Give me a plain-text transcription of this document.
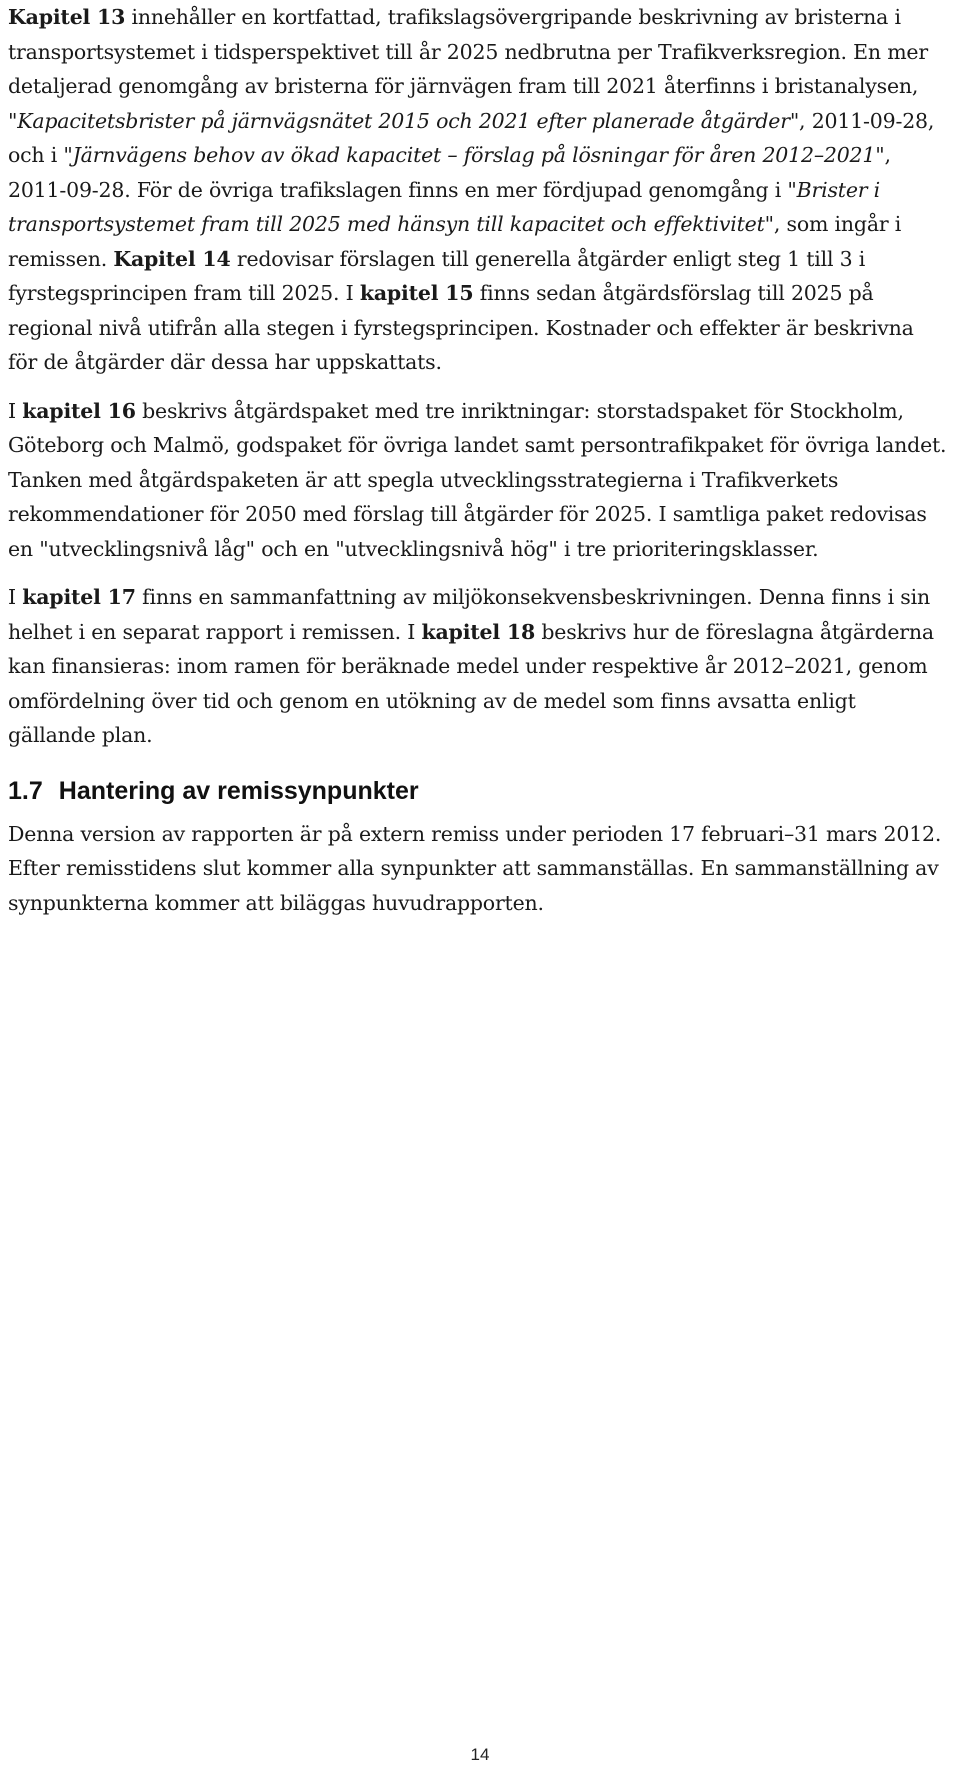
Kapitel 13 innehåller en kortfattad, trafikslagsövergripande beskrivning av bristerna i transportsystemet i tidsperspektivet till år 2025 nedbrutna per Trafikverksregion. En mer detaljerad genomgång av bristerna för järnvägen fram till 2021 återfinns i bristanalysen, "Kapacitetsbrister på järnvägsnätet 2015 och 2021 efter planerade åtgärder", 2011-09-28, och i "Järnvägens behov av ökad kapacitet – förslag på lösningar för åren 2012–2021", 2011-09-28. För de övriga trafikslagen finns en mer fördjupad genomgång i "Brister i transportsystemet fram till 2025 med hänsyn till kapacitet och effektivitet", som ingår i remissen. Kapitel 14 redovisar förslagen till generella åtgärder enligt steg 1 till 3 i fyrstegsprincipen fram till 2025. I kapitel 15 finns sedan åtgärdsförslag till 2025 på regional nivå utifrån alla stegen i fyrstegsprincipen. Kostnader och effekter är beskrivna för de åtgärder där dessa har uppskattats.

I kapitel 16 beskrivs åtgärdspaket med tre inriktningar: storstadspaket för Stockholm, Göteborg och Malmö, godspaket för övriga landet samt persontrafikpaket för övriga landet. Tanken med åtgärdspaketen är att spegla utvecklingsstrategierna i Trafikverkets rekommendationer för 2050 med förslag till åtgärder för 2025. I samtliga paket redovisas en "utvecklingsnivå låg" och en "utvecklingsnivå hög" i tre prioriteringsklasser.

I kapitel 17 finns en sammanfattning av miljökonsekvensbeskrivningen. Denna finns i sin helhet i en separat rapport i remissen. I kapitel 18 beskrivs hur de föreslagna åtgärderna kan finansieras: inom ramen för beräknade medel under respektive år 2012–2021, genom omfördelning över tid och genom en utökning av de medel som finns avsatta enligt gällande plan.

1.7 Hantering av remissynpunkter

Denna version av rapporten är på extern remiss under perioden 17 februari–31 mars 2012. Efter remisstidens slut kommer alla synpunkter att sammanställas. En sammanställning av synpunkterna kommer att biläggas huvudrapporten.

14
